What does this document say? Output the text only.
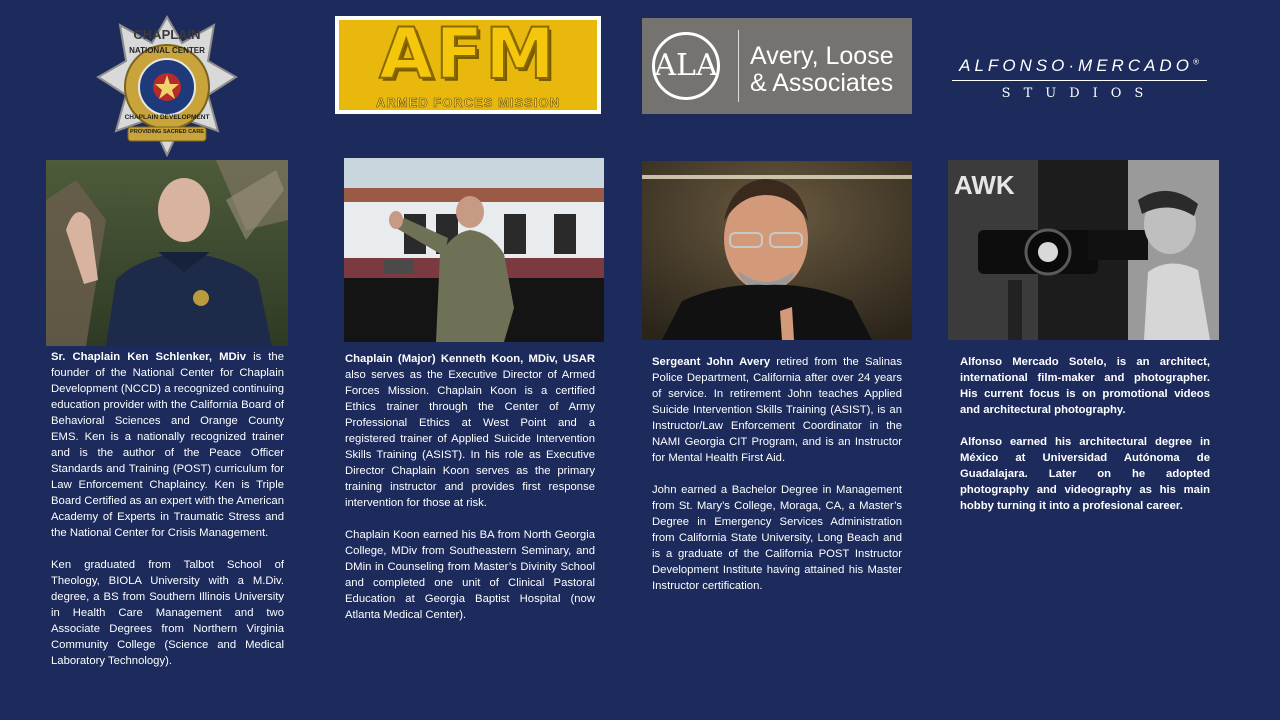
CHAPLAIN
NATIONAL CENTER
CHAPLAIN DEVELOPMENT
PROVIDING SACRED CARE
AFM
ARMED FORCES MISSION
ALA Avery, Loose
& Associates
ALFONSO·MERCADO®
STUDIOS
AWK

Sr. Chaplain Ken Schlenker, MDiv is the founder of the National Center for Chaplain Development (NCCD) a recognized continuing education provider with the California Board of Behavioral Sciences and Orange County EMS. Ken is a nationally recognized trainer and is the author of the Peace Officer Standards and Training (POST) curriculum for Law Enforcement Chaplaincy. Ken is Triple Board Certified as an expert with the American Academy of Experts in Traumatic Stress and the National Center for Crisis Management.

Ken graduated from Talbot School of Theology, BIOLA University with a M.Div. degree, a BS from Southern Illinois University in Health Care Management and two Associate Degrees from Northern Virginia Community College (Science and Medical Laboratory Technology).

Chaplain (Major) Kenneth Koon, MDiv, USAR also serves as the Executive Director of Armed Forces Mission. Chaplain Koon is a certified Ethics trainer through the Center of Army Professional Ethics at West Point and a registered trainer of Applied Suicide Intervention Skills Training (ASIST). In his role as Executive Director Chaplain Koon serves as the primary training instructor and provides first response intervention for those at risk.

Chaplain Koon earned his BA from North Georgia College, MDiv from Southeastern Seminary, and DMin in Counseling from Master’s Divinity School and completed one unit of Clinical Pastoral Education at Georgia Baptist Hospital (now Atlanta Medical Center).

Sergeant John Avery retired from the Salinas Police Department, California after over 24 years of service. In retirement John teaches Applied Suicide Intervention Skills Training (ASIST), is an Instructor/Law Enforcement Coordinator in the NAMI Georgia CIT Program, and is an Instructor for Mental Health First Aid.

John earned a Bachelor Degree in Management from St. Mary’s College, Moraga, CA, a Master’s Degree in Emergency Services Administration from California State University, Long Beach and is a graduate of the California POST Instructor Development Institute having attained his Master Instructor certification.

Alfonso Mercado Sotelo, is an architect, international film-maker and photographer. His current focus is on promotional videos and architectural photography.

Alfonso earned his architectural degree in México at Universidad Autónoma de Guadalajara. Later on he adopted photography and videography as his main hobby turning it into a profesional career.
